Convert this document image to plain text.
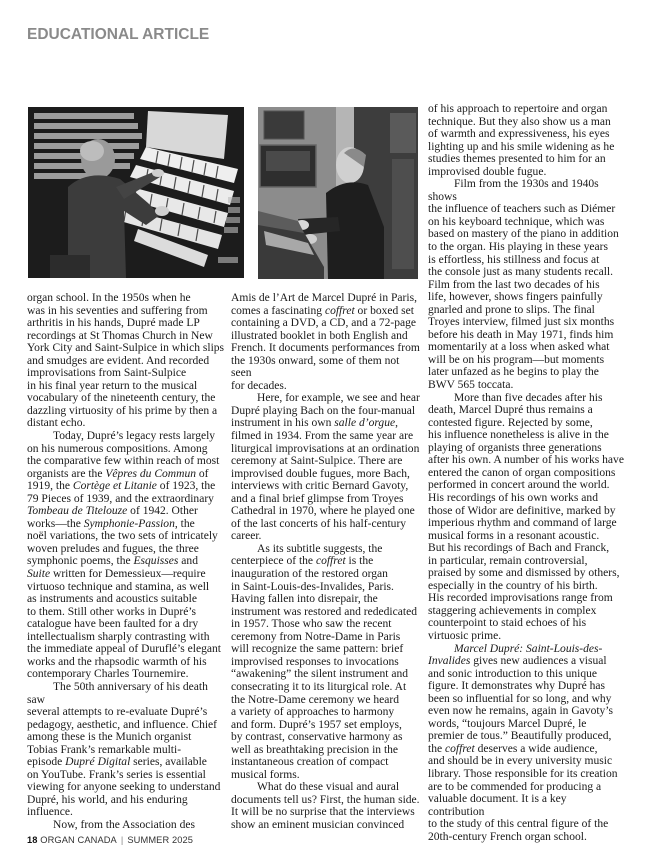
EDUCATIONAL ARTICLE

organ school. In the 1950s when he
was in his seventies and suffering from
arthritis in his hands, Dupré made LP
recordings at St Thomas Church in New
York City and Saint-Sulpice in which slips
and smudges are evident. And recorded
improvisations from Saint-Sulpice
in his final year return to the musical
vocabulary of the nineteenth century, the
dazzling virtuosity of his prime by then a
distant echo.

Today, Dupré’s legacy rests largely
on his numerous compositions. Among
the comparative few within reach of most
organists are the Vêpres du Commun of
1919, the Cortège et Litanie of 1923, the
79 Pieces of 1939, and the extraordinary
Tombeau de Titelouze of 1942. Other
works—the Symphonie-Passion, the
noël variations, the two sets of intricately
woven preludes and fugues, the three
symphonic poems, the Esquisses and
Suite written for Demessieux—require
virtuoso technique and stamina, as well
as instruments and acoustics suitable
to them. Still other works in Dupré’s
catalogue have been faulted for a dry
intellectualism sharply contrasting with
the immediate appeal of Duruflé’s elegant
works and the rhapsodic warmth of his
contemporary Charles Tournemire.

The 50th anniversary of his death saw
several attempts to re-evaluate Dupré’s
pedagogy, aesthetic, and influence. Chief
among these is the Munich organist
Tobias Frank’s remarkable multi-
episode Dupré Digital series, available
on YouTube. Frank’s series is essential
viewing for anyone seeking to understand
Dupré, his world, and his enduring
influence.

Now, from the Association des

Amis de l’Art de Marcel Dupré in Paris,
comes a fascinating coffret or boxed set
containing a DVD, a CD, and a 72-page
illustrated booklet in both English and
French. It documents performances from
the 1930s onward, some of them not seen
for decades.

Here, for example, we see and hear
Dupré playing Bach on the four-manual
instrument in his own salle d’orgue,
filmed in 1934. From the same year are
liturgical improvisations at an ordination
ceremony at Saint-Sulpice. There are
improvised double fugues, more Bach,
interviews with critic Bernard Gavoty,
and a final brief glimpse from Troyes
Cathedral in 1970, where he played one
of the last concerts of his half-century
career.

As its subtitle suggests, the
centerpiece of the coffret is the
inauguration of the restored organ
in Saint-Louis-des-Invalides, Paris.
Having fallen into disrepair, the
instrument was restored and rededicated
in 1957. Those who saw the recent
ceremony from Notre-Dame in Paris
will recognize the same pattern: brief
improvised responses to invocations
“awakening” the silent instrument and
consecrating it to its liturgical role. At
the Notre-Dame ceremony we heard
a variety of approaches to harmony
and form. Dupré’s 1957 set employs,
by contrast, conservative harmony as
well as breathtaking precision in the
instantaneous creation of compact
musical forms.

What do these visual and aural
documents tell us? First, the human side.
It will be no surprise that the interviews
show an eminent musician convinced

of his approach to repertoire and organ
technique. But they also show us a man
of warmth and expressiveness, his eyes
lighting up and his smile widening as he
studies themes presented to him for an
improvised double fugue.

Film from the 1930s and 1940s shows
the influence of teachers such as Diémer
on his keyboard technique, which was
based on mastery of the piano in addition
to the organ. His playing in these years
is effortless, his stillness and focus at
the console just as many students recall.
Film from the last two decades of his
life, however, shows fingers painfully
gnarled and prone to slips. The final
Troyes interview, filmed just six months
before his death in May 1971, finds him
momentarily at a loss when asked what
will be on his program—but moments
later unfazed as he begins to play the
BWV 565 toccata.

More than five decades after his
death, Marcel Dupré thus remains a
contested figure. Rejected by some,
his influence nonetheless is alive in the
playing of organists three generations
after his own. A number of his works have
entered the canon of organ compositions
performed in concert around the world.
His recordings of his own works and
those of Widor are definitive, marked by
imperious rhythm and command of large
musical forms in a resonant acoustic.
But his recordings of Bach and Franck,
in particular, remain controversial,
praised by some and dismissed by others,
especially in the country of his birth.
His recorded improvisations range from
staggering achievements in complex
counterpoint to staid echoes of his
virtuosic prime.

Marcel Dupré: Saint-Louis-des-
Invalides gives new audiences a visual
and sonic introduction to this unique
figure. It demonstrates why Dupré has
been so influential for so long, and why
even now he remains, again in Gavoty’s
words, “toujours Marcel Dupré, le
premier de tous.” Beautifully produced,
the coffret deserves a wide audience,
and should be in every university music
library. Those responsible for its creation
are to be commended for producing a
valuable document. It is a key contribution
to the study of this central figure of the
20th-century French organ school.

18 ORGAN CANADA | SUMMER 2025
